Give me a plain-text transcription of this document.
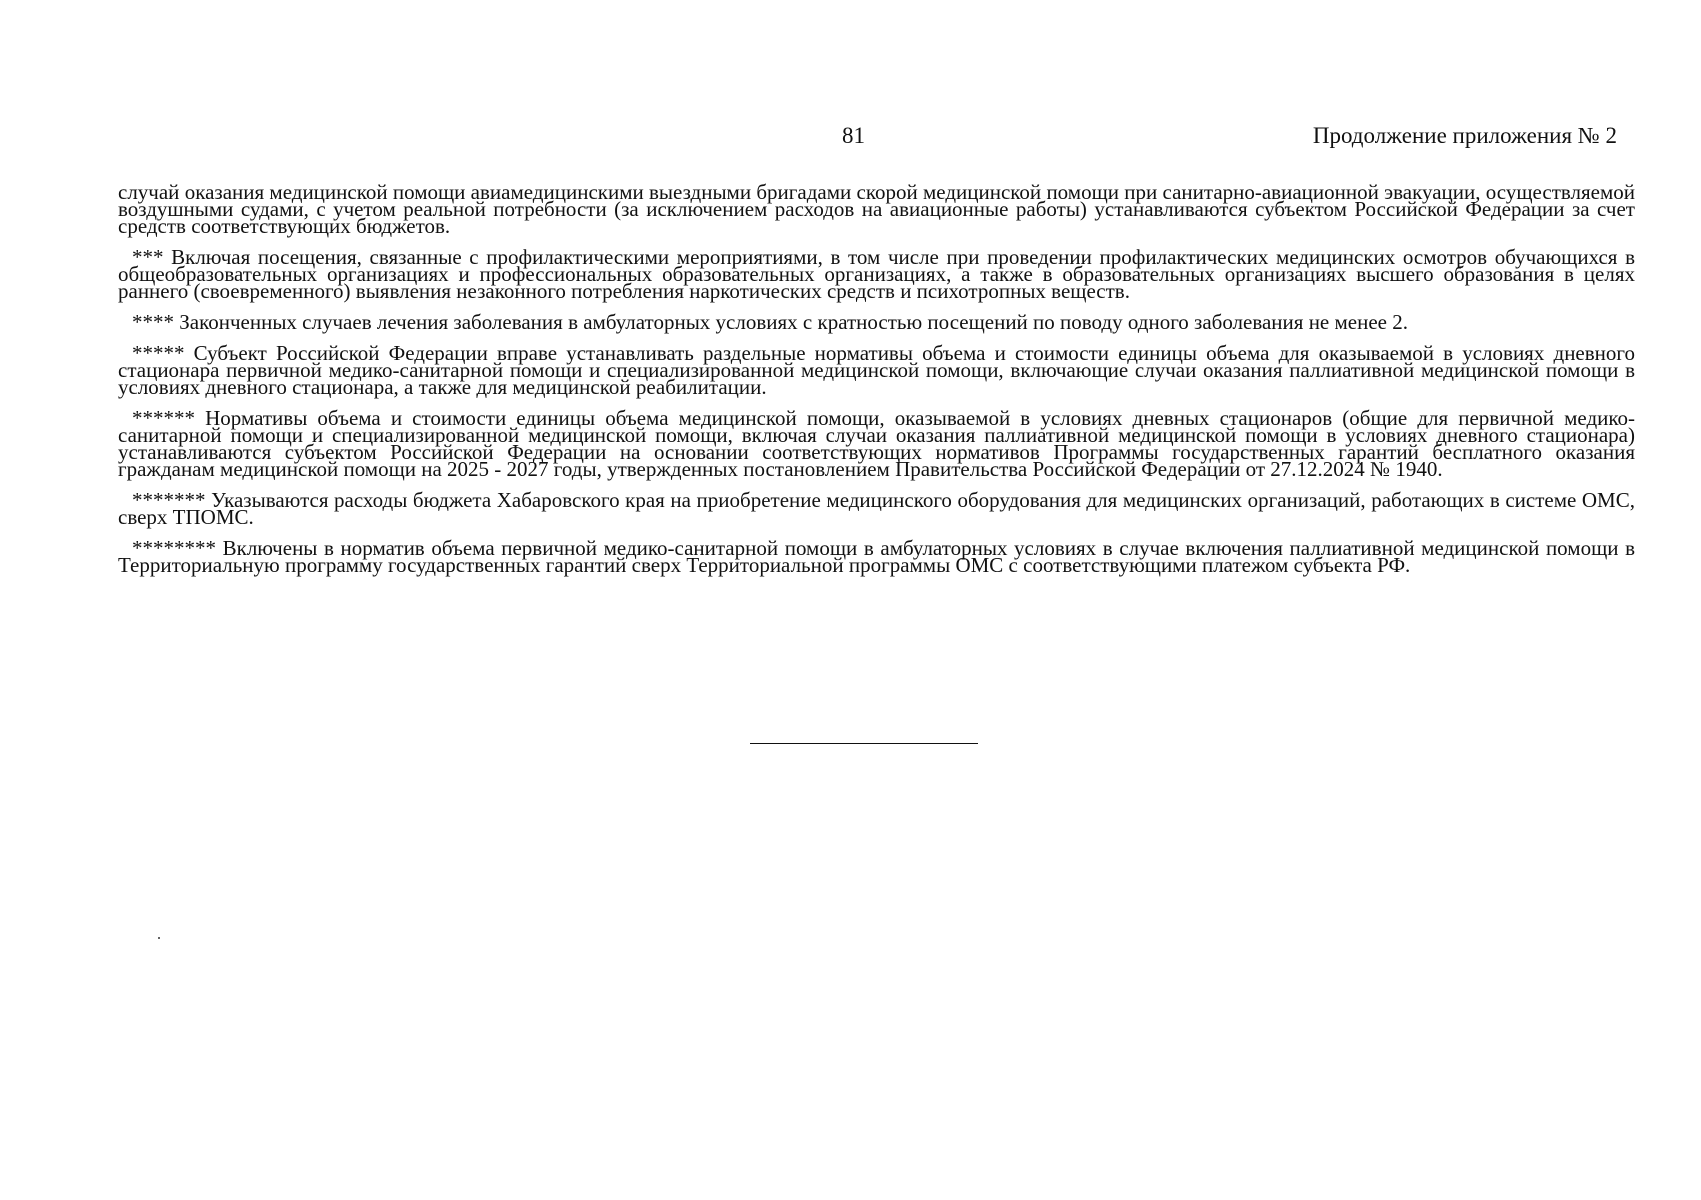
81	Продолжение приложения № 2

случай оказания медицинской помощи авиамедицинскими выездными бригадами скорой медицинской помощи при санитарно-авиационной эвакуации, осуществляемой воздушными судами, с учетом реальной потребности (за исключением расходов на авиационные работы) устанавливаются субъектом Российской Федерации за счет средств соответствующих бюджетов.

*** Включая посещения, связанные с профилактическими мероприятиями, в том числе при проведении профилактических медицинских осмотров обучающихся в общеобразовательных организациях и профессиональных образовательных организациях, а также в образовательных организациях высшего образования в целях раннего (своевременного) выявления незаконного потребления наркотических средств и психотропных веществ.

**** Законченных случаев лечения заболевания в амбулаторных условиях с кратностью посещений по поводу одного заболевания не менее 2.

***** Субъект Российской Федерации вправе устанавливать раздельные нормативы объема и стоимости единицы объема для оказываемой в условиях дневного стационара первичной медико-санитарной помощи и специализированной медицинской помощи, включающие случаи оказания паллиативной медицинской помощи в условиях дневного стационара, а также для медицинской реабилитации.

****** Нормативы объема и стоимости единицы объема медицинской помощи, оказываемой в условиях дневных стационаров (общие для первичной медико-санитарной помощи и специализированной медицинской помощи, включая случаи оказания паллиативной медицинской помощи в условиях дневного стационара) устанавливаются субъектом Российской Федерации на основании соответствующих нормативов Программы государственных гарантий бесплатного оказания гражданам медицинской помощи на 2025 - 2027 годы, утвержденных постановлением Правительства Российской Федерации от 27.12.2024 № 1940.

******* Указываются расходы бюджета Хабаровского края на приобретение медицинского оборудования для медицинских организаций, работающих в системе ОМС, сверх ТПОМС.

******** Включены в норматив объема первичной медико-санитарной помощи в амбулаторных условиях в случае включения паллиативной медицинской помощи в Территориальную программу государственных гарантий сверх Территориальной программы ОМС с соответствующими платежом субъекта РФ.
